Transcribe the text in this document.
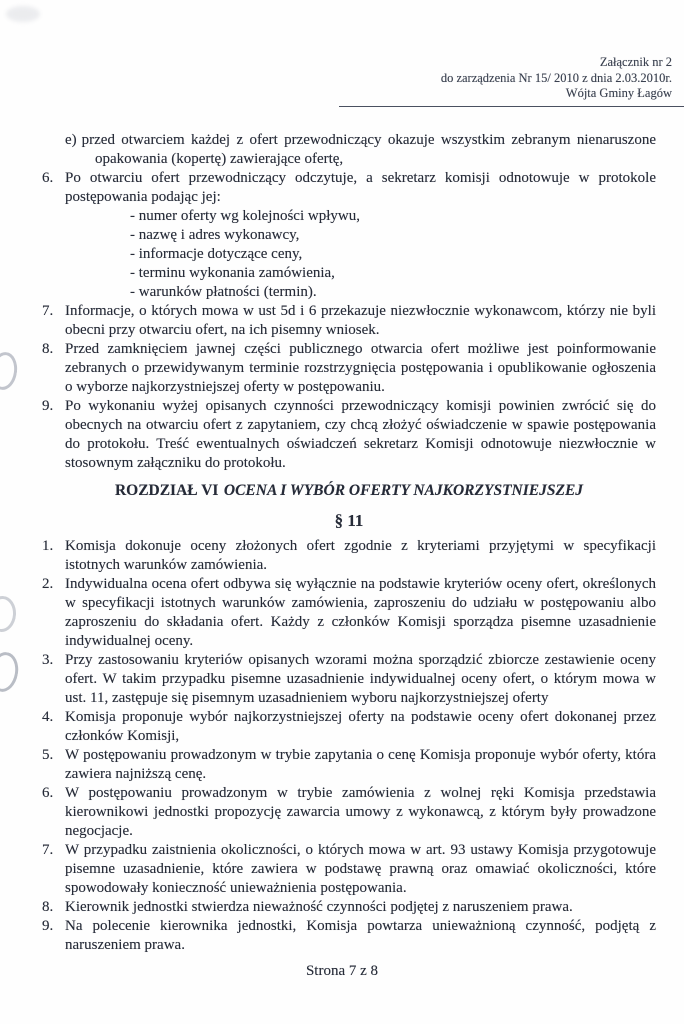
Załącznik nr 2
do zarządzenia Nr 15/ 2010 z dnia 2.03.2010r.
Wójta Gminy Łagów
e) przed otwarciem każdej z ofert przewodniczący okazuje wszystkim zebranym nienaruszone opakowania (kopertę) zawierające ofertę,
6. Po otwarciu ofert przewodniczący odczytuje, a sekretarz komisji odnotowuje w protokole postępowania podając jej:
- numer oferty wg kolejności wpływu,
- nazwę i adres wykonawcy,
- informacje dotyczące ceny,
- terminu wykonania zamówienia,
- warunków płatności (termin).
7. Informacje, o których mowa w ust 5d i 6 przekazuje niezwłocznie wykonawcom, którzy nie byli obecni przy otwarciu ofert, na ich pisemny wniosek.
8. Przed zamknięciem jawnej części publicznego otwarcia ofert możliwe jest poinformowanie zebranych o przewidywanym terminie rozstrzygnięcia postępowania i opublikowanie ogłoszenia o wyborze najkorzystniejszej oferty w postępowaniu.
9. Po wykonaniu wyżej opisanych czynności przewodniczący komisji powinien zwrócić się do obecnych na otwarciu ofert z zapytaniem, czy chcą złożyć oświadczenie w spawie postępowania do protokołu. Treść ewentualnych oświadczeń sekretarz Komisji odnotowuje niezwłocznie w stosownym załączniku do protokołu.
ROZDZIAŁ VI OCENA I WYBÓR OFERTY NAJKORZYSTNIEJSZEJ
§ 11
1. Komisja dokonuje oceny złożonych ofert zgodnie z kryteriami przyjętymi w specyfikacji istotnych warunków zamówienia.
2. Indywidualna ocena ofert odbywa się wyłącznie na podstawie kryteriów oceny ofert, określonych w specyfikacji istotnych warunków zamówienia, zaproszeniu do udziału w postępowaniu albo zaproszeniu do składania ofert. Każdy z członków Komisji sporządza pisemne uzasadnienie indywidualnej oceny.
3. Przy zastosowaniu kryteriów opisanych wzorami można sporządzić zbiorcze zestawienie oceny ofert. W takim przypadku pisemne uzasadnienie indywidualnej oceny ofert, o którym mowa w ust. 11, zastępuje się pisemnym uzasadnieniem wyboru najkorzystniejszej oferty
4. Komisja proponuje wybór najkorzystniejszej oferty na podstawie oceny ofert dokonanej przez członków Komisji,
5. W postępowaniu prowadzonym w trybie zapytania o cenę Komisja proponuje wybór oferty, która zawiera najniższą cenę.
6. W postępowaniu prowadzonym w trybie zamówienia z wolnej ręki Komisja przedstawia kierownikowi jednostki propozycję zawarcia umowy z wykonawcą, z którym były prowadzone negocjacje.
7. W przypadku zaistnienia okoliczności, o których mowa w art. 93 ustawy Komisja przygotowuje pisemne uzasadnienie, które zawiera w podstawę prawną oraz omawiać okoliczności, które spowodowały konieczność unieważnienia postępowania.
8. Kierownik jednostki stwierdza nieważność czynności podjętej z naruszeniem prawa.
9. Na polecenie kierownika jednostki, Komisja powtarza unieważnioną czynność, podjętą z naruszeniem prawa.
Strona 7 z 8
